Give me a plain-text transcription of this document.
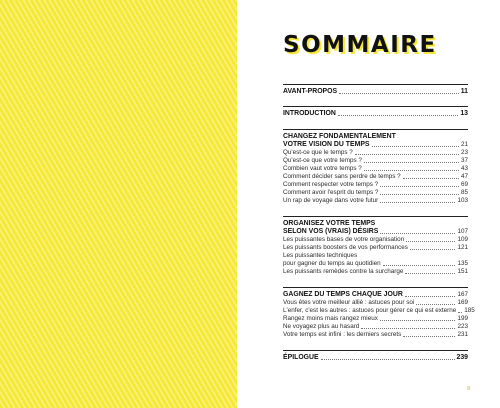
SOMMAIRE
AVANT-PROPOS	11
INTRODUCTION	13
CHANGEZ FONDAMENTALEMENT
VOTRE VISION DU TEMPS	21
Qu'est-ce que le temps ?	23
Qu'est-ce que votre temps ?	37
Combien vaut votre temps ?	43
Comment décider sans perdre de temps ?	47
Comment respecter votre temps ?	69
Comment avoir l'esprit du temps ?	85
Un rap de voyage dans votre futur	103
ORGANISEZ VOTRE TEMPS
SELON VOS (VRAIS) DÉSIRS	107
Les puissantes bases de votre organisation	109
Les puissants boosters de vos performances	121
Les puissantes techniques
pour gagner du temps au quotidien	135
Les puissants remèdes contre la surcharge	151
GAGNEZ DU TEMPS CHAQUE JOUR	167
Vous êtes votre meilleur allié : astuces pour soi	169
L'enfer, c'est les autres : astuces pour gérer ce qui est externe 185
Rangez moins mais rangez mieux	199
Ne voyagez plus au hasard	223
Votre temps est infini : les derniers secrets	231
ÉPILOGUE	239
9
